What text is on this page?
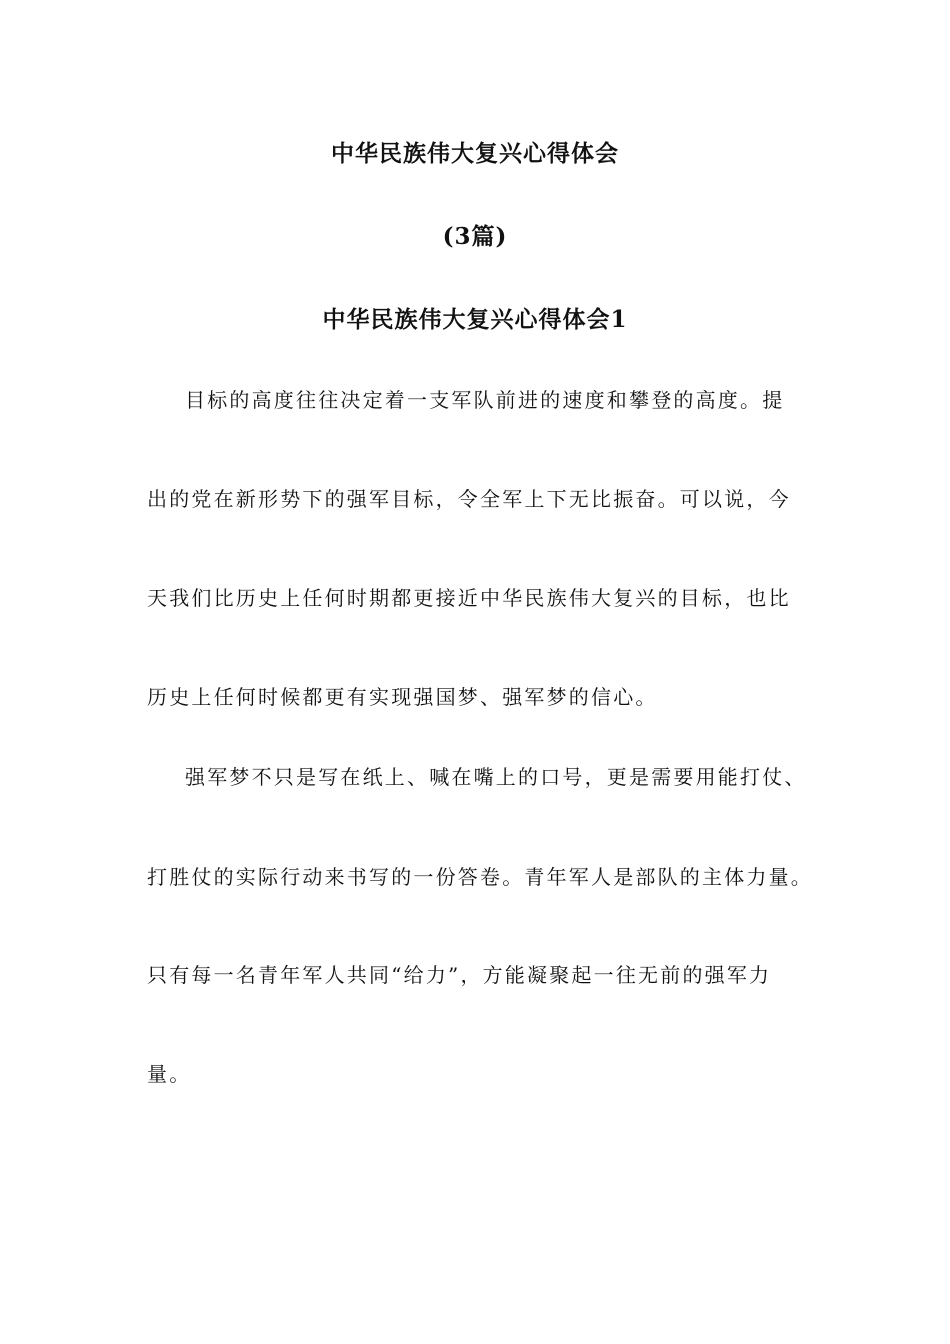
中华民族伟大复兴心得体会
(3篇)
中华民族伟大复兴心得体会1
目标的高度往往决定着一支军队前进的速度和攀登的高度。提
出的党在新形势下的强军目标，令全军上下无比振奋。可以说，今
天我们比历史上任何时期都更接近中华民族伟大复兴的目标，也比
历史上任何时候都更有实现强国梦、强军梦的信心。
强军梦不只是写在纸上、喊在嘴上的口号，更是需要用能打仗、
打胜仗的实际行动来书写的一份答卷。青年军人是部队的主体力量。
只有每一名青年军人共同“给力”，方能凝聚起一往无前的强军力
量。
